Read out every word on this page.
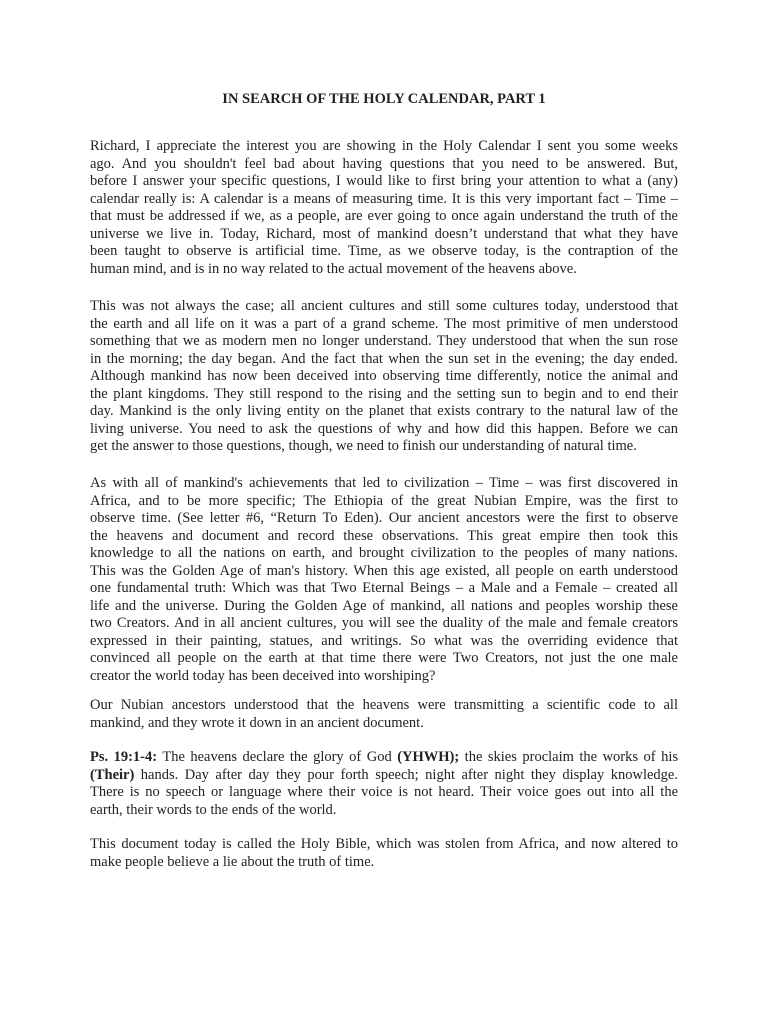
IN SEARCH OF THE HOLY CALENDAR, PART 1
Richard, I appreciate the interest you are showing in the Holy Calendar I sent you some weeks
ago. And you shouldn't feel bad about having questions that you need to be answered. But,
before I answer your specific questions, I would like to first bring your attention to what a (any)
calendar really is: A calendar is a means of measuring time. It is this very important fact – Time –
that must be addressed if we, as a people, are ever going to once again understand the truth of the
universe we live in. Today, Richard, most of mankind doesn’t understand that what they have
been taught to observe is artificial time. Time, as we observe today, is the contraption of the
human mind, and is in no way related to the actual movement of the heavens above.
This was not always the case; all ancient cultures and still some cultures today, understood that
the earth and all life on it was a part of a grand scheme. The most primitive of men understood
something that we as modern men no longer understand. They understood that when the sun rose
in the morning; the day began. And the fact that when the sun set in the evening; the day ended.
Although mankind has now been deceived into observing time differently, notice the animal and
the plant kingdoms. They still respond to the rising and the setting sun to begin and to end their
day. Mankind is the only living entity on the planet that exists contrary to the natural law of the
living universe. You need to ask the questions of why and how did this happen. Before we can
get the answer to those questions, though, we need to finish our understanding of natural time.
As with all of mankind's achievements that led to civilization – Time – was first discovered in
Africa, and to be more specific; The Ethiopia of the great Nubian Empire, was the first to
observe time. (See letter #6, “Return To Eden). Our ancient ancestors were the first to observe
the heavens and document and record these observations. This great empire then took this
knowledge to all the nations on earth, and brought civilization to the peoples of many nations.
This was the Golden Age of man's history. When this age existed, all people on earth understood
one fundamental truth: Which was that Two Eternal Beings – a Male and a Female – created all
life and the universe. During the Golden Age of mankind, all nations and peoples worship these
two Creators. And in all ancient cultures, you will see the duality of the male and female creators
expressed in their painting, statues, and writings. So what was the overriding evidence that
convinced all people on the earth at that time there were Two Creators, not just the one male
creator the world today has been deceived into worshiping?
Our Nubian ancestors understood that the heavens were transmitting a scientific code to all
mankind, and they wrote it down in an ancient document.
Ps. 19:1-4: The heavens declare the glory of God (YHWH); the skies proclaim the works of his
(Their) hands. Day after day they pour forth speech; night after night they display knowledge.
There is no speech or language where their voice is not heard. Their voice goes out into all the
earth, their words to the ends of the world.
This document today is called the Holy Bible, which was stolen from Africa, and now altered to
make people believe a lie about the truth of time.
